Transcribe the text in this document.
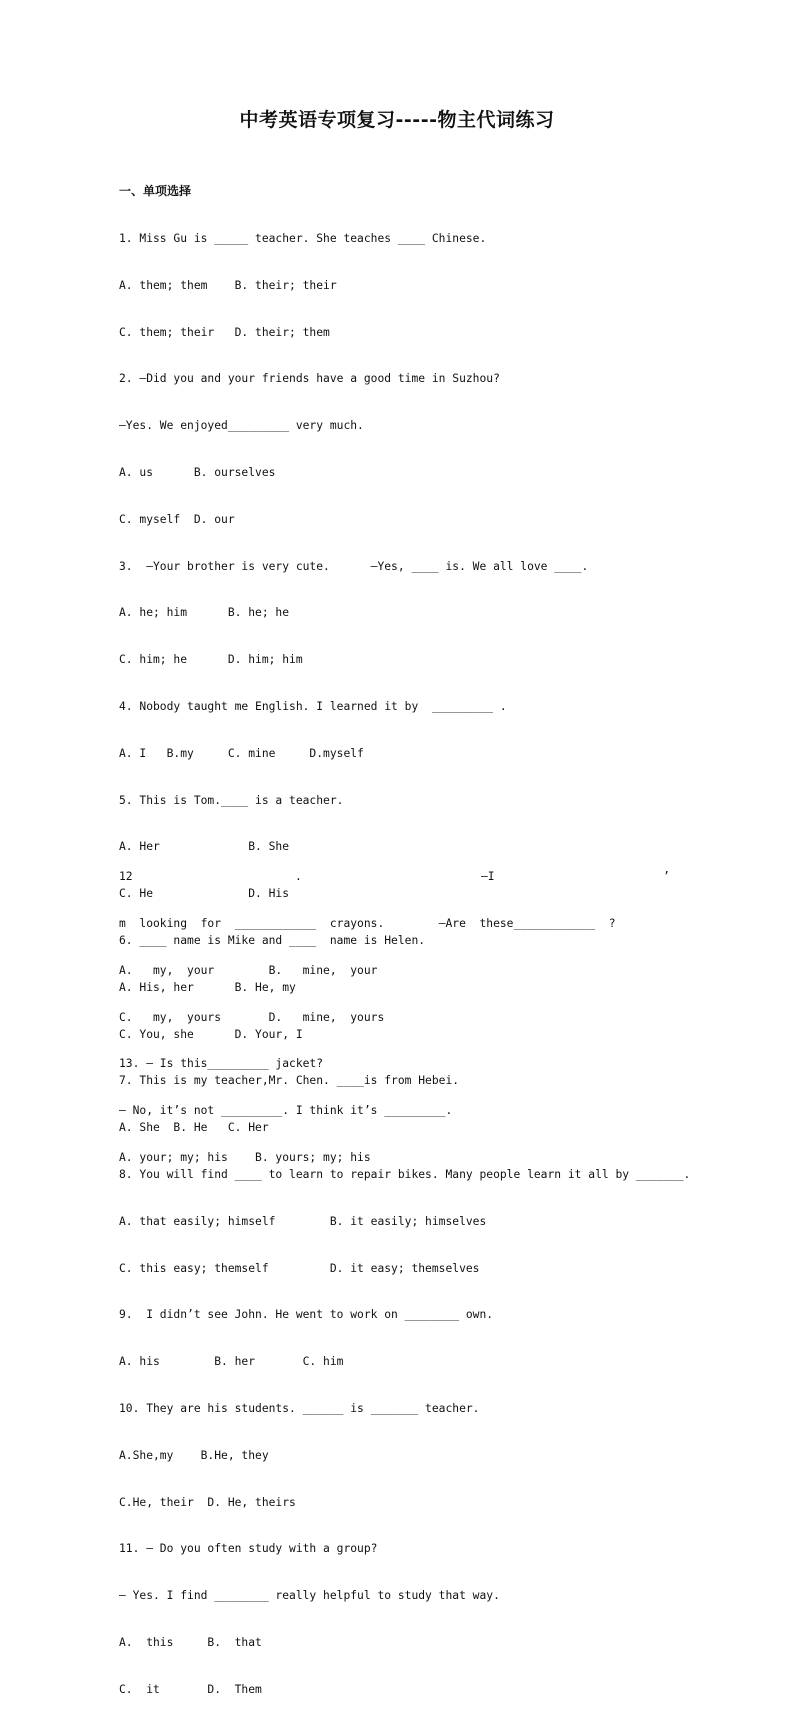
中考英语专项复习-----物主代词练习
一、单项选择

1. Miss Gu is _____ teacher. She teaches ____ Chinese.

A. them; them    B. their; their

C. them; their   D. their; them

2. —Did you and your friends have a good time in Suzhou?

—Yes. We enjoyed_________ very much.

A. us      B. ourselves

C. myself  D. our

3.  —Your brother is very cute.      —Yes, ____ is. We all love ____.

A. he; him      B. he; he

C. him; he      D. him; him

4. Nobody taught me English. I learned it by  _________ .

A. I   B.my     C. mine     D.myself

5. This is Tom.____ is a teacher.

A. Her             B. She

C. He              D. His

6. ____ name is Mike and ____  name is Helen.

A. His, her      B. He, my

C. You, she      D. Your, I

7. This is my teacher,Mr. Chen. ____is from Hebei.

A. She  B. He   C. Her

8. You will find ____ to learn to repair bikes. Many people learn it all by _______.

A. that easily; himself        B. it easily; himselves

C. this easy; themself         D. it easy; themselves

9.  I didn’t see John. He went to work on ________ own.

A. his        B. her       C. him

10. They are his students. ______ is _______ teacher.

A.She,my    B.He, they

C.He, their  D. He, theirs

11. — Do you often study with a group?

— Yes. I find ________ really helpful to study that way.

A.  this     B.  that

C.  it       D.  Them

12	.	—I	’

m  looking  for  ____________  crayons.        —Are  these____________  ?

A.   my,  your        B.   mine,  your

C.   my,  yours       D.   mine,  yours

13. — Is this_________ jacket?

— No, it’s not _________. I think it’s _________.

A. your; my; his    B. yours; my; his
